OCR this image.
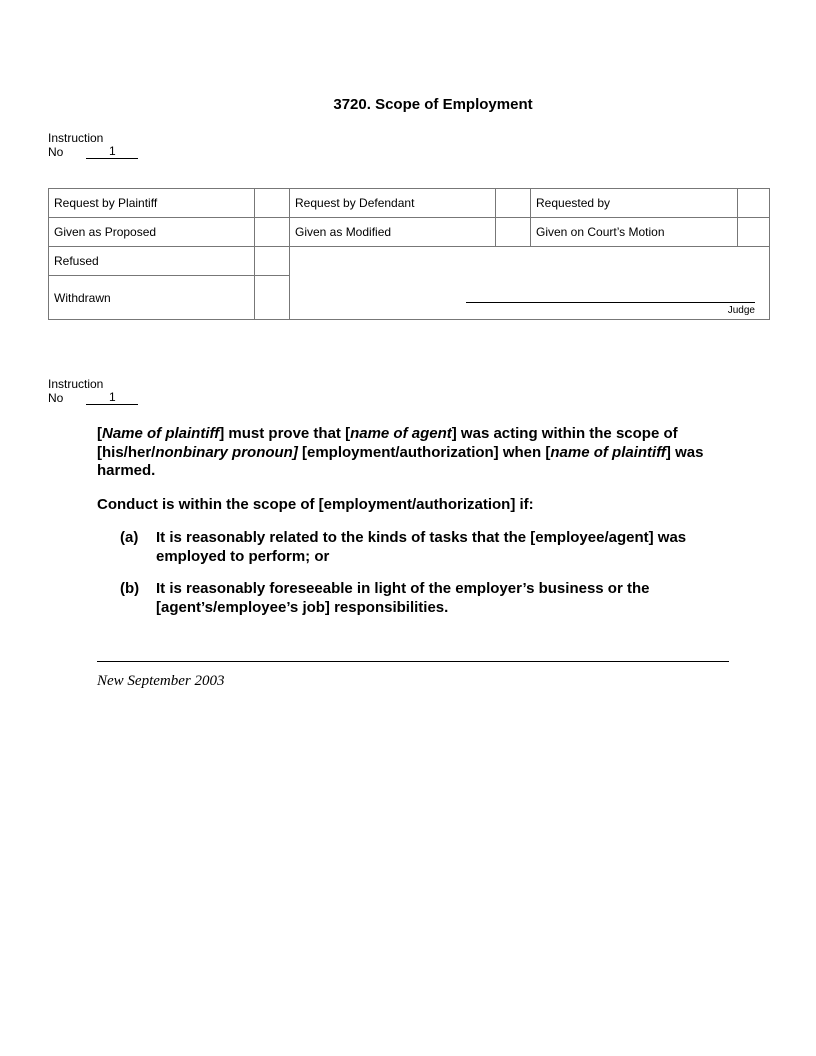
3720. Scope of Employment
Instruction
No	1
Request by Plaintiff		Request by Defendant		Requested by	
Given as Proposed		Given as Modified		Given on Court’s Motion	
Refused		Judge			

Withdrawn					
Instruction
No	1

[Name of plaintiff] must prove that [name of agent] was acting within the scope of [his/her/nonbinary pronoun] [employment/authorization] when [name of plaintiff] was harmed.

Conduct is within the scope of [employment/authorization] if:

(a)	It is reasonably related to the kinds of tasks that the [employee/agent] was employed to perform; or
(b)	It is reasonably foreseeable in light of the employer’s business or the [agent’s/employee’s job] responsibilities.
New September 2003
